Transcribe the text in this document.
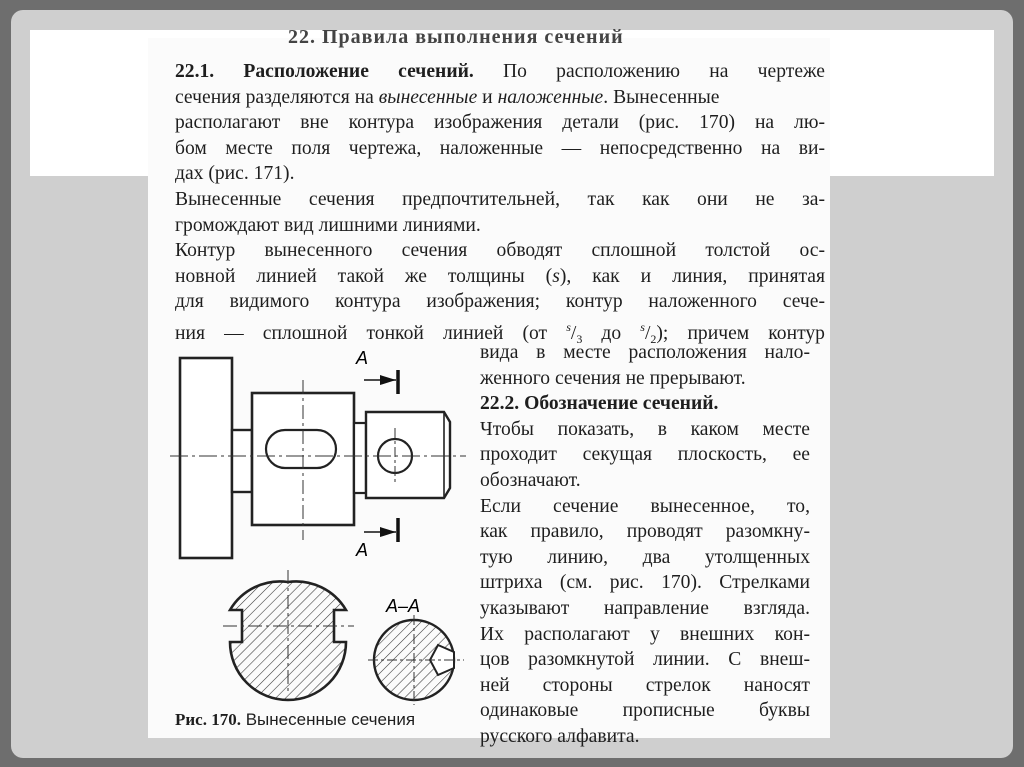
22. Правила выполнения сечений
22.1. Расположение сечений. По расположению на чертеже
сечения разделяются на вынесенные и наложенные. Вынесенные
располагают вне контура изображения детали (рис. 170) на лю-
бом месте поля чертежа, наложенные — непосредственно на ви-
дах (рис. 171).
Вынесенные сечения предпочтительней, так как они не за-
громождают вид лишними линиями.
Контур вынесенного сечения обводят сплошной толстой ос-
новной линией такой же толщины (s), как и линия, принятая
для видимого контура изображения; контур наложенного сече-
ния — сплошной тонкой линией (от $^s/_3$ до $^s/_2$); причем контур
вида в месте расположения нало-
женного сечения не прерывают.
22.2. Обозначение сечений.
Чтобы показать, в каком месте
проходит секущая плоскость, ее
обозначают.
Если сечение вынесенное, то,
как правило, проводят разомкну-
тую линию, два утолщенных
штриха (см. рис. 170). Стрелками
указывают направление взгляда.
Их располагают у внешних кон-
цов разомкнутой линии. С внеш-
ней стороны стрелок наносят
одинаковые прописные буквы
русского алфавита.
A
A
A–A
Рис. 170. Вынесенные сечения
